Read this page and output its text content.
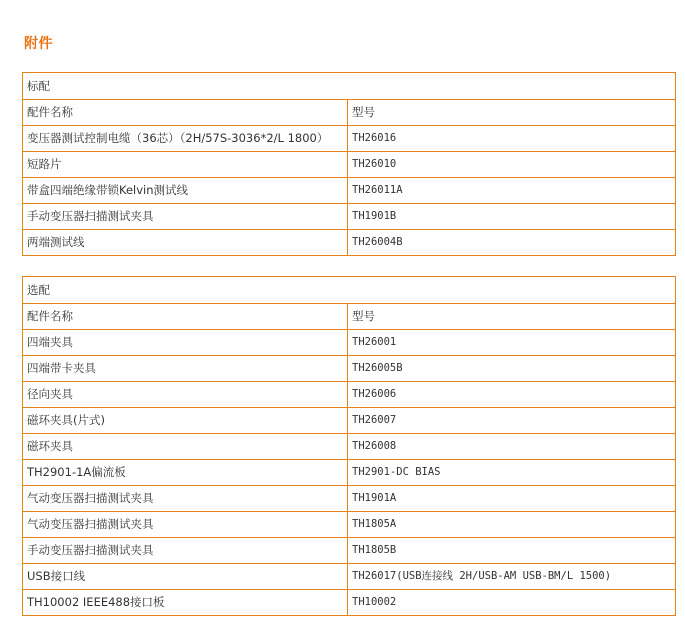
附件
标配	
配件名称	型号
变压器测试控制电缆（36芯）（2H/57S-3036*2/L 1800）	TH26016
短路片	TH26010
带盒四端绝缘带锁Kelvin测试线	TH26011A
手动变压器扫描测试夹具	TH1901B
两端测试线	TH26004B
选配	
配件名称	型号
四端夹具	TH26001
四端带卡夹具	TH26005B
径向夹具	TH26006
磁环夹具(片式)	TH26007
磁环夹具	TH26008
TH2901-1A偏流板	TH2901-DC BIAS
气动变压器扫描测试夹具	TH1901A
气动变压器扫描测试夹具	TH1805A
手动变压器扫描测试夹具	TH1805B
USB接口线	TH26017(USB连接线 2H/USB-AM USB-BM/L 1500)
TH10002 IEEE488接口板	TH10002
